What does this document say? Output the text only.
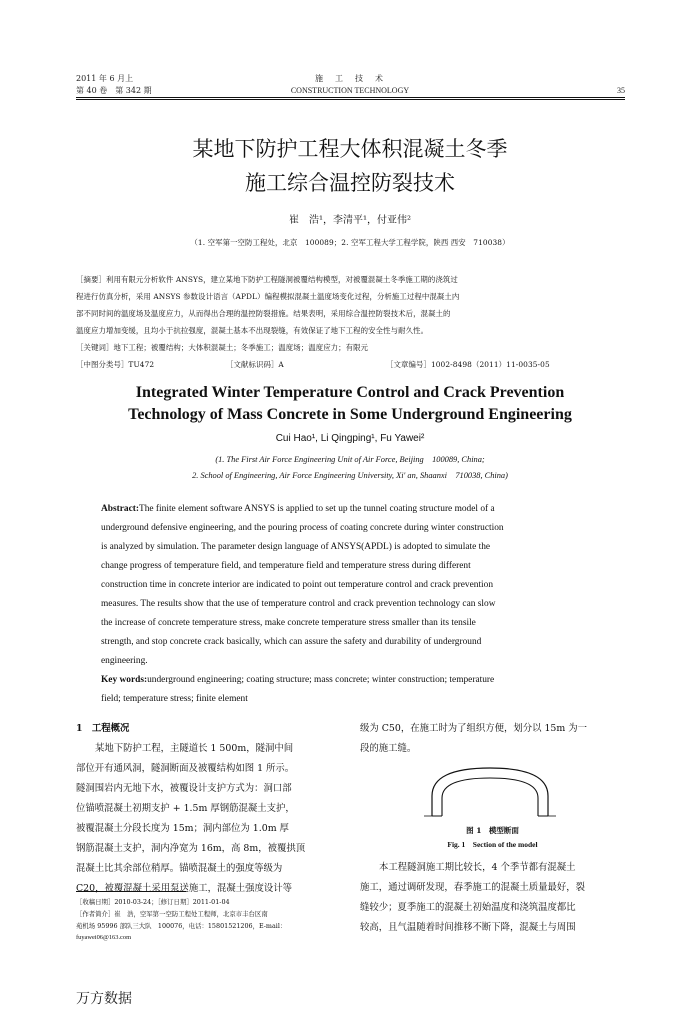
2011 年 6 月上
第 40 卷　第 342 期
施　工　技　术
CONSTRUCTION TECHNOLOGY	35
某地下防护工程大体积混凝土冬季
施工综合温控防裂技术
崔　浩¹，李清平¹，付亚伟²
（1. 空军第一空防工程处，北京　100089；2. 空军工程大学工程学院，陕西 西安　710038）
［摘要］利用有限元分析软件 ANSYS，建立某地下防护工程隧洞被覆结构模型，对被覆混凝土冬季施工期的浇筑过
程进行仿真分析，采用 ANSYS 参数设计语言（APDL）编程模拟混凝土温度场变化过程，分析施工过程中混凝土内
部不同时间的温度场及温度应力，从而得出合理的温控防裂措施。结果表明，采用综合温控防裂技术后，混凝土的
温度应力增加变缓，且均小于抗拉强度，混凝土基本不出现裂缝，有效保证了地下工程的安全性与耐久性。
［关键词］地下工程；被覆结构；大体积混凝土；冬季施工；温度场；温度应力；有限元
［中图分类号］TU472	［文献标识码］A	［文章编号］1002-8498（2011）11-0035-05
Integrated Winter Temperature Control and Crack Prevention
Technology of Mass Concrete in Some Underground Engineering
Cui Hao¹, Li Qingping¹, Fu Yawei²
(1. The First Air Force Engineering Unit of Air Force, Beijing　100089, China;
2. School of Engineering, Air Force Engineering University, Xi' an, Shaanxi　710038, China)
Abstract:The finite element software ANSYS is applied to set up the tunnel coating structure model of a
underground defensive engineering, and the pouring process of coating concrete during winter construction
is analyzed by simulation. The parameter design language of ANSYS(APDL) is adopted to simulate the
change progress of temperature field, and temperature field and temperature stress during different
construction time in concrete interior are indicated to point out temperature control and crack prevention
measures. The results show that the use of temperature control and crack prevention technology can slow
the increase of concrete temperature stress, make concrete temperature stress smaller than its tensile
strength, and stop concrete crack basically, which can assure the safety and durability of underground
engineering.
Key words:underground engineering; coating structure; mass concrete; winter construction; temperature
field; temperature stress; finite element
1　工程概况
某地下防护工程，主隧道长 1 500m，隧洞中间
部位开有通风洞，隧洞断面及被覆结构如图 1 所示。
隧洞围岩内无地下水，被覆设计支护方式为：洞口部
位锚喷混凝土初期支护 + 1.5m 厚钢筋混凝土支护，
被覆混凝土分段长度为 15m；洞内部位为 1.0m 厚
钢筋混凝土支护，洞内净宽为 16m，高 8m，被覆拱顶
混凝土比其余部位稍厚。锚喷混凝土的强度等级为
C20，被覆混凝土采用泵送施工，混凝土强度设计等
［收稿日期］2010-03-24；［修订日期］2011-01-04
［作者简介］崔　浩，空军第一空防工程处工程师，北京市丰台区南
苑机场 95996 部队三大队　100076，电话：15801521206，E-mail：
fuyawei06@163.com
级为 C50，在施工时为了组织方便，划分以 15m 为一
段的施工缝。
图 1　模型断面
Fig. 1　Section of the model
本工程隧洞施工期比较长，4 个季节都有混凝土
施工，通过调研发现，春季施工的混凝土质量最好，裂
缝较少；夏季施工的混凝土初始温度和浇筑温度都比
较高，且气温随着时间推移不断下降，混凝土与周围
万方数据
